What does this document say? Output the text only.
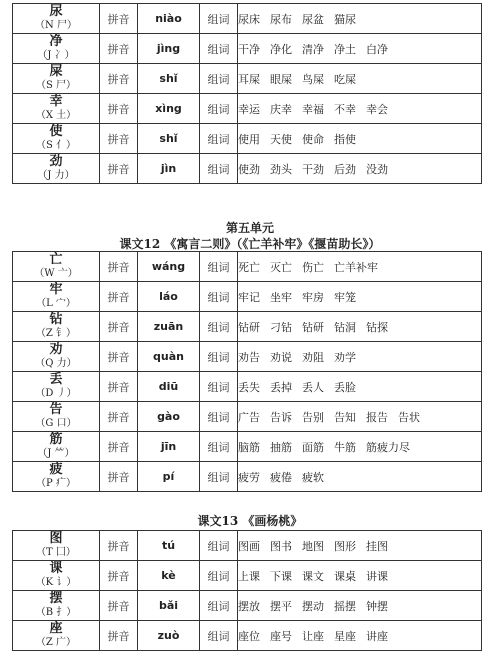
尿
（N 尸）	拼音	niào	组词	尿床 尿布 尿盆 猫尿

净
（J 冫）	拼音	jìng	组词	干净 净化 清净 净土 白净

屎
（S 尸）	拼音	shǐ	组词	耳屎 眼屎 鸟屎 吃屎

幸
（X 土）	拼音	xìng	组词	幸运 庆幸 幸福 不幸 幸会

使
（S 亻）	拼音	shǐ	组词	使用 天使 使命 指使

劲
（J 力）	拼音	jìn	组词	使劲 劲头 干劲 后劲 没劲
第五单元
课文12 《寓言二则》（《亡羊补牢》《揠苗助长》）
亡
（W 亠）	拼音	wáng	组词	死亡 灭亡 伤亡 亡羊补牢

牢
（L 宀）	拼音	láo	组词	牢记 坐牢 牢房 牢笼

钻
（Z 钅）	拼音	zuān	组词	钻研 刁钻 钻研 钻洞 钻探

劝
（Q 力）	拼音	quàn	组词	劝告 劝说 劝阻 劝学

丢
（D 丿）	拼音	diū	组词	丢失 丢掉 丢人 丢脸

告
（G 口）	拼音	gào	组词	广告 告诉 告别 告知 报告 告状

筋
（J ⺮）	拼音	jīn	组词	脑筋 抽筋 面筋 牛筋 筋疲力尽

疲
（P 疒）	拼音	pí	组词	疲劳 疲倦 疲软
课文13 《画杨桃》
图
（T 囗）	拼音	tú	组词	图画 图书 地图 图形 挂图

课
（K 讠）	拼音	kè	组词	上课 下课 课文 课桌 讲课

摆
（B 扌）	拼音	bǎi	组词	摆放 摆平 摆动 摇摆 钟摆

座
（Z 广）	拼音	zuò	组词	座位 座号 让座 星座 讲座
